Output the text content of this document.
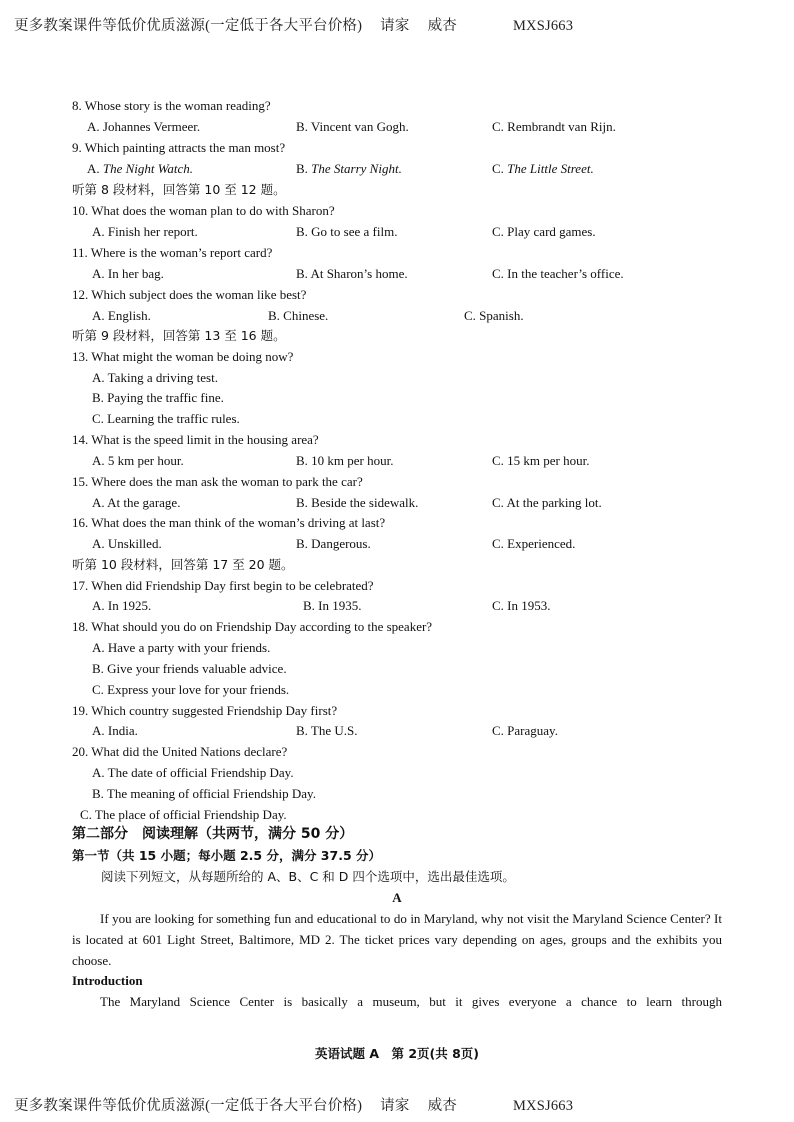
更多教案课件等低价优质滋源(一定低于各大平台价格) 请家 威杏	MXSJ663
8. Whose story is the woman reading?
A. Johannes Vermeer.	B. Vincent van Gogh.	C. Rembrandt van Rijn.
9. Which painting attracts the man most?
A. The Night Watch.	B. The Starry Night.	C. The Little Street.
听第 8 段材料，回答第 10 至 12 题。
10. What does the woman plan to do with Sharon?
A. Finish her report.	B. Go to see a film.	C. Play card games.
11. Where is the woman’s report card?
A. In her bag.	B. At Sharon’s home.	C. In the teacher’s office.
12. Which subject does the woman like best?
A. English.	B. Chinese.	C. Spanish.
听第 9 段材料，回答第 13 至 16 题。
13. What might the woman be doing now?
A. Taking a driving test.
B. Paying the traffic fine.
C. Learning the traffic rules.
14. What is the speed limit in the housing area?
A. 5 km per hour.	B. 10 km per hour.	C. 15 km per hour.
15. Where does the man ask the woman to park the car?
A. At the garage.	B. Beside the sidewalk.	C. At the parking lot.
16. What does the man think of the woman’s driving at last?
A. Unskilled.	B. Dangerous.	C. Experienced.
听第 10 段材料，回答第 17 至 20 题。
17. When did Friendship Day first begin to be celebrated?
A. In 1925.	B. In 1935.	C. In 1953.
18. What should you do on Friendship Day according to the speaker?
A. Have a party with your friends.
B. Give your friends valuable advice.
C. Express your love for your friends.
19. Which country suggested Friendship Day first?
A. India.	B. The U.S.	C. Paraguay.
20. What did the United Nations declare?
A. The date of official Friendship Day.
B. The meaning of official Friendship Day.
C. The place of official Friendship Day.
第二部分　阅读理解（共两节，满分 50 分）
第一节（共 15 小题；每小题 2.5 分，满分 37.5 分）
阅读下列短文，从每题所给的 A、B、C 和 D 四个选项中，选出最佳选项。
A

If you are looking for something fun and educational to do in Maryland, why not visit the Maryland Science Center? It is located at 601 Light Street, Baltimore, MD 2. The ticket prices vary depending on ages, groups and the exhibits you choose.

Introduction

The Maryland Science Center is basically a museum, but it gives everyone a chance to learn through

英语试题 A　第 2页(共 8页)
更多教案课件等低价优质滋源(一定低于各大平台价格) 请家 威杏	MXSJ663
